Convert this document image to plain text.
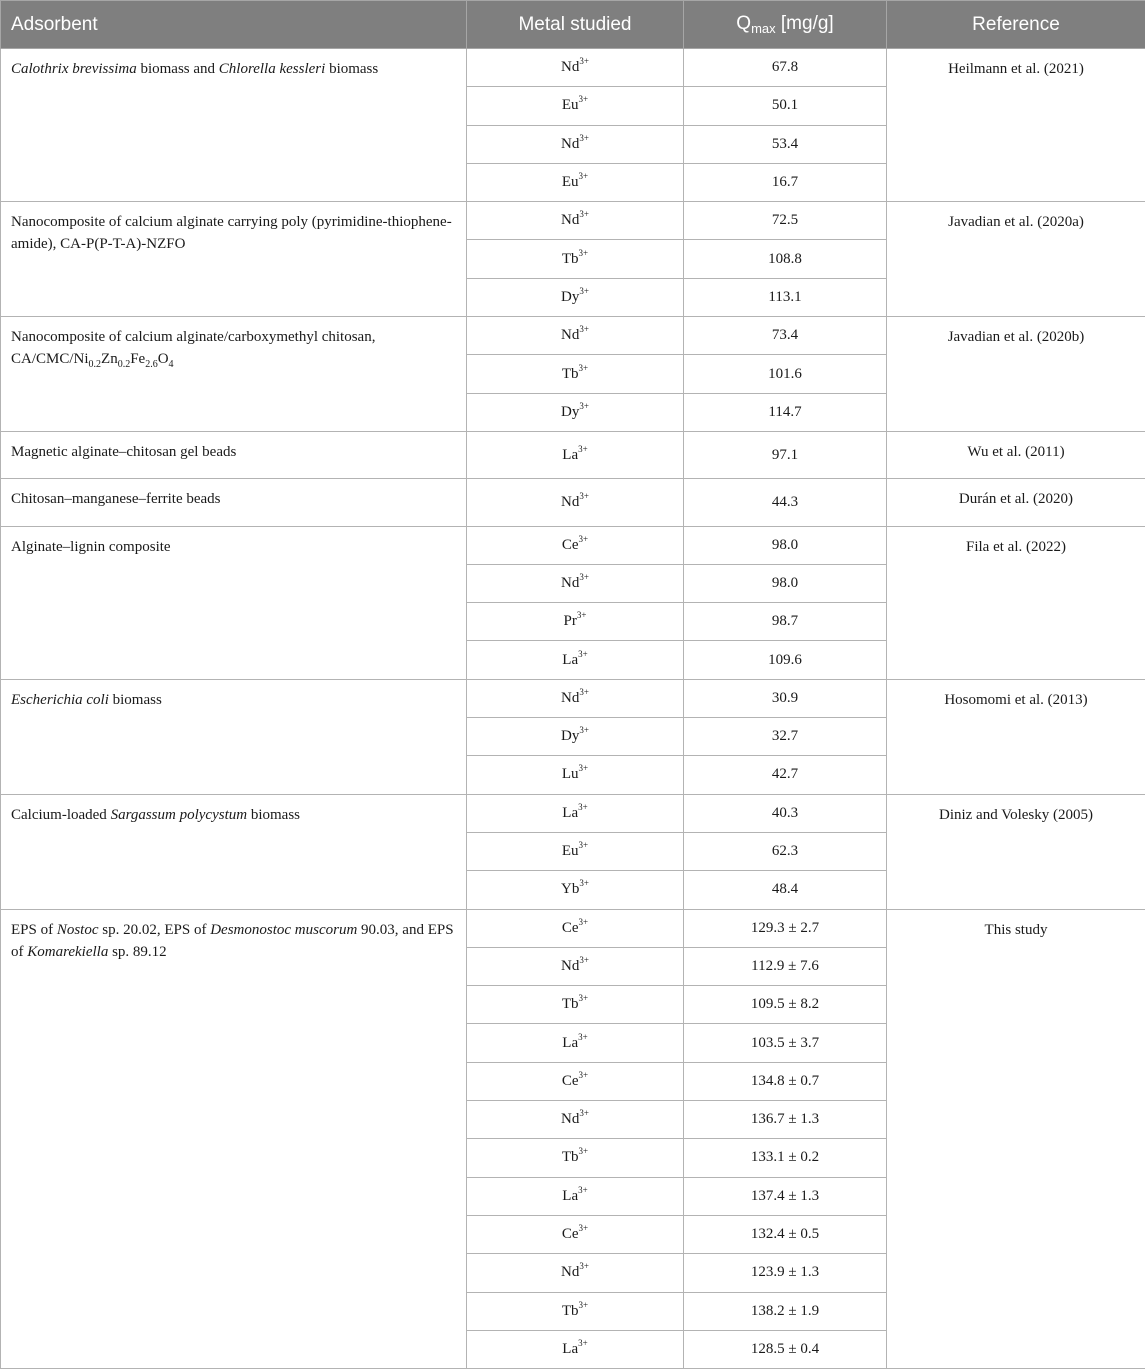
Adsorbent	Metal studied	$Q_{max}$ [mg/g]	Reference
Calothrix brevissima biomass and Chlorella kessleri biomass	$Nd^{3+}$	67.8	Heilmann et al. (2021)
	$Eu^{3+}$	50.1	
	$Nd^{3+}$	53.4	
	$Eu^{3+}$	16.7	
Nanocomposite of calcium alginate carrying poly (pyrimidine-thiophene-amide), CA-P(P-T-A)-NZFO	$Nd^{3+}$	72.5	Javadian et al. (2020a)
	$Tb^{3+}$	108.8	
	$Dy^{3+}$	113.1	
Nanocomposite of calcium alginate/carboxymethyl chitosan, $CA/CMC/Ni_{0.2}Zn_{0.2}Fe_{2.6}O_4$	$Nd^{3+}$	73.4	Javadian et al. (2020b)
	$Tb^{3+}$	101.6	
	$Dy^{3+}$	114.7	
Magnetic alginate–chitosan gel beads	$La^{3+}$	97.1	Wu et al. (2011)
Chitosan–manganese–ferrite beads	$Nd^{3+}$	44.3	Durán et al. (2020)
Alginate–lignin composite	$Ce^{3+}$	98.0	Fila et al. (2022)
	$Nd^{3+}$	98.0	
	$Pr^{3+}$	98.7	
	$La^{3+}$	109.6	
Escherichia coli biomass	$Nd^{3+}$	30.9	Hosomomi et al. (2013)
	$Dy^{3+}$	32.7	
	$Lu^{3+}$	42.7	
Calcium-loaded Sargassum polycystum biomass	$La^{3+}$	40.3	Diniz and Volesky (2005)
	$Eu^{3+}$	62.3	
	$Yb^{3+}$	48.4	
EPS of Nostoc sp. 20.02, EPS of Desmonostoc muscorum 90.03, and EPS of Komarekiella sp. 89.12	$Ce^{3+}$	129.3 ± 2.7	This study
	$Nd^{3+}$	112.9 ± 7.6	
	$Tb^{3+}$	109.5 ± 8.2	
	$La^{3+}$	103.5 ± 3.7	
	$Ce^{3+}$	134.8 ± 0.7	
	$Nd^{3+}$	136.7 ± 1.3	
	$Tb^{3+}$	133.1 ± 0.2	
	$La^{3+}$	137.4 ± 1.3	
	$Ce^{3+}$	132.4 ± 0.5	
	$Nd^{3+}$	123.9 ± 1.3	
	$Tb^{3+}$	138.2 ± 1.9	
	$La^{3+}$	128.5 ± 0.4	
